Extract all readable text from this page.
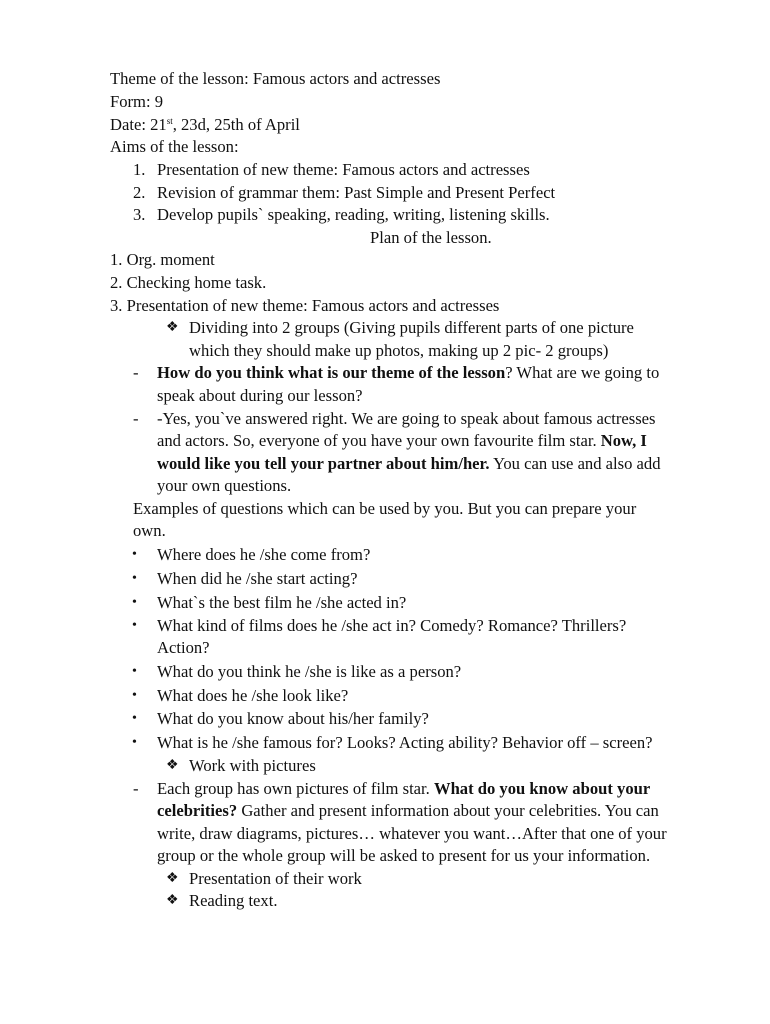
Theme of the lesson: Famous actors and actresses
Form: 9
Date: 21st, 23d, 25th of April
Aims of the lesson:
1. Presentation of new theme: Famous actors and actresses
2. Revision of grammar them: Past Simple and Present Perfect
3. Develop pupils` speaking, reading, writing, listening skills.
Plan of the lesson.
1. Org. moment
2. Checking home task.
3. Presentation of new theme: Famous actors and actresses
❖ Dividing into 2 groups (Giving pupils different parts of one picture
which they should make up photos, making up 2 pic- 2 groups)
- How do you think what is our theme of the lesson? What are we going to
speak about during our lesson?
- -Yes, you`ve answered right. We are going to speak about famous actresses
and actors. So, everyone of you have your own favourite film star. Now, I
would like you tell your partner about him/her. You can use and also add
your own questions.
Examples of questions which can be used by you. But you can prepare your
own.
• Where does he /she come from?
• When did he /she start acting?
• What`s the best film he /she acted in?
• What kind of films does he /she act in? Comedy? Romance? Thrillers?
Action?
• What do you think he /she is like as a person?
• What does he /she look like?
• What do you know about his/her family?
• What is he /she famous for? Looks? Acting ability? Behavior off – screen?
❖ Work with pictures
- Each group has own pictures of film star. What do you know about your
celebrities? Gather and present information about your celebrities. You can
write, draw diagrams, pictures… whatever you want…After that one of your
group or the whole group will be asked to present for us your information.
❖ Presentation of their work
❖ Reading text.
